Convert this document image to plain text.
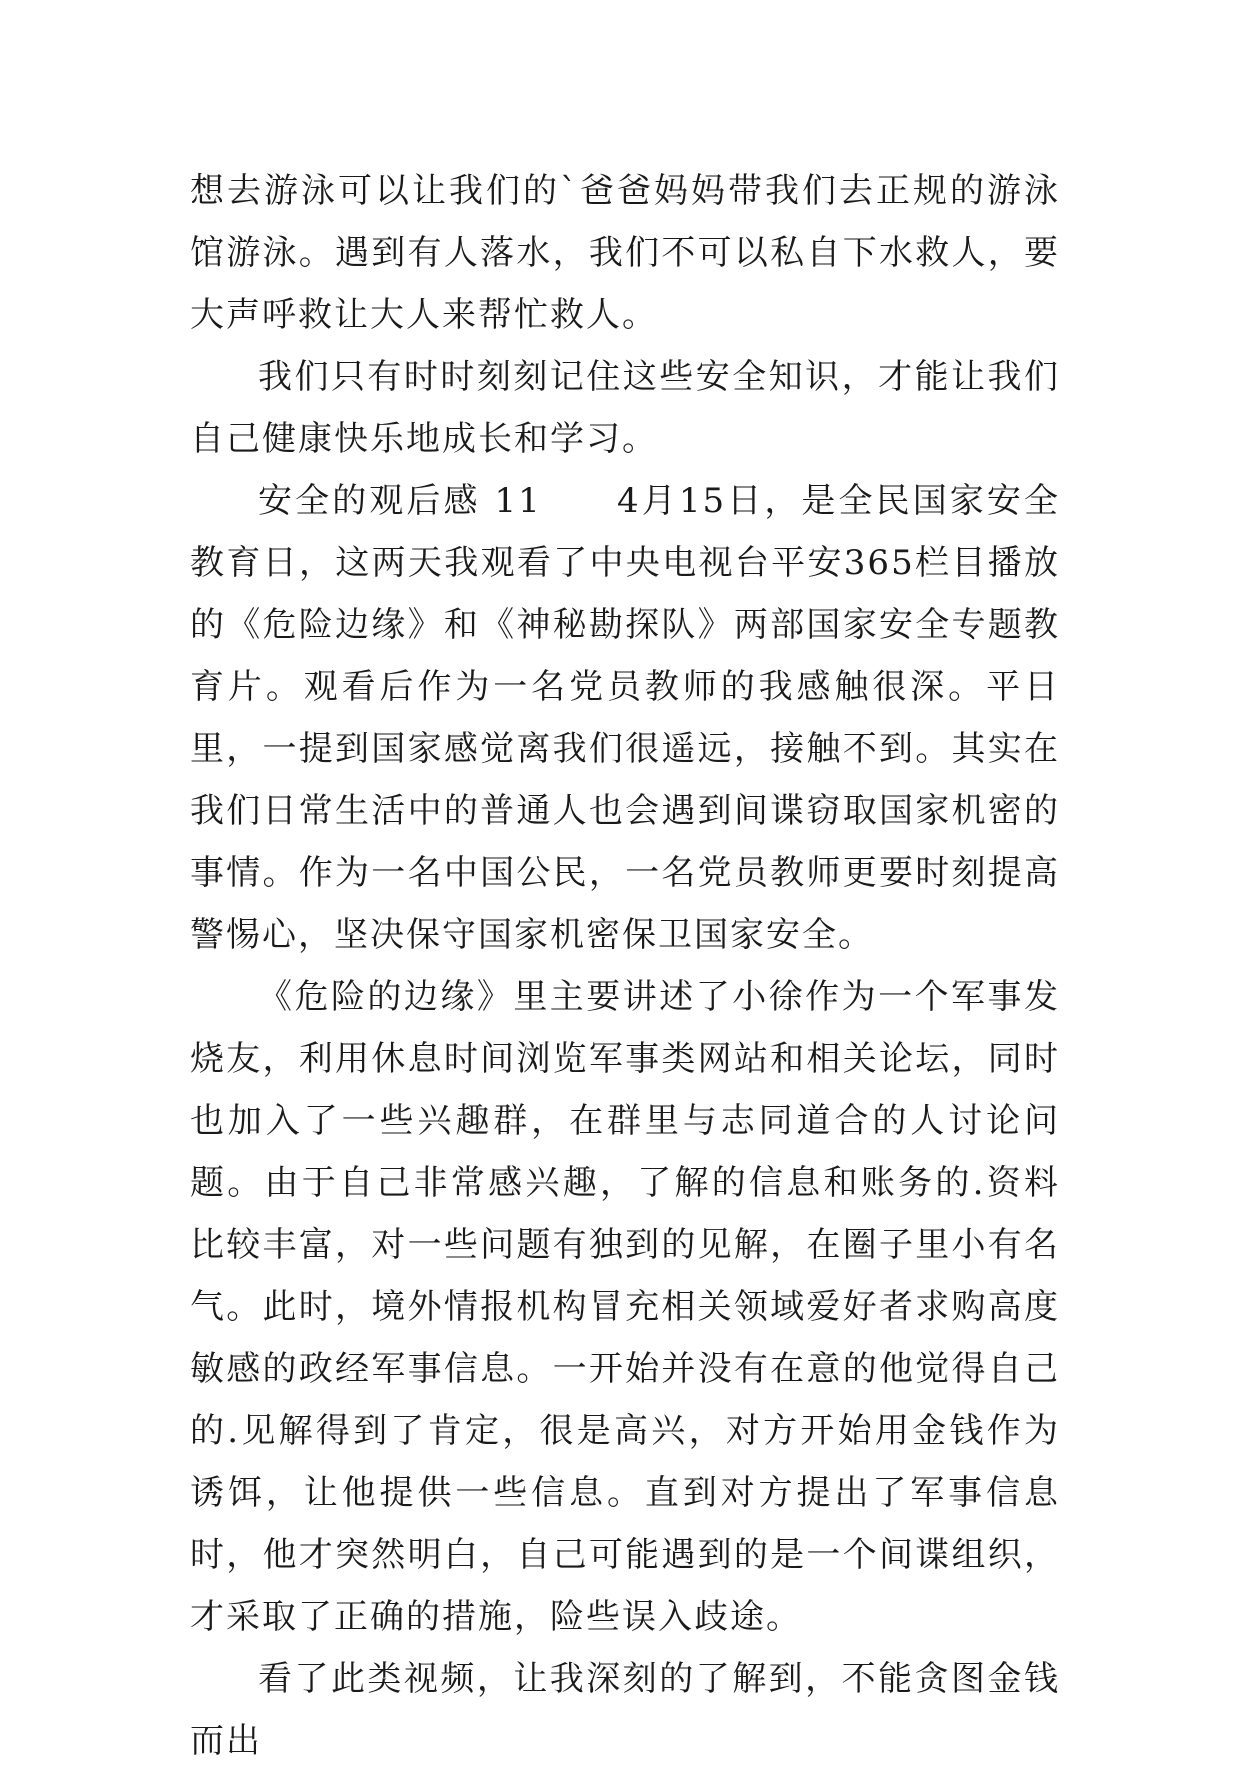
想去游泳可以让我们的`爸爸妈妈带我们去正规的游泳馆游泳。遇到有人落水，我们不可以私自下水救人，要大声呼救让大人来帮忙救人。

我们只有时时刻刻记住这些安全知识，才能让我们自己健康快乐地成长和学习。

安全的观后感 11　　4月15日，是全民国家安全教育日，这两天我观看了中央电视台平安365栏目播放的《危险边缘》和《神秘勘探队》两部国家安全专题教育片。观看后作为一名党员教师的我感触很深。平日里，一提到国家感觉离我们很遥远，接触不到。其实在我们日常生活中的普通人也会遇到间谍窃取国家机密的事情。作为一名中国公民，一名党员教师更要时刻提高警惕心，坚决保守国家机密保卫国家安全。

《危险的边缘》里主要讲述了小徐作为一个军事发烧友，利用休息时间浏览军事类网站和相关论坛，同时也加入了一些兴趣群，在群里与志同道合的人讨论问题。由于自己非常感兴趣，了解的信息和账务的.资料比较丰富，对一些问题有独到的见解，在圈子里小有名气。此时，境外情报机构冒充相关领域爱好者求购高度敏感的政经军事信息。一开始并没有在意的他觉得自己的.见解得到了肯定，很是高兴，对方开始用金钱作为诱饵，让他提供一些信息。直到对方提出了军事信息时，他才突然明白，自己可能遇到的是一个间谍组织，才采取了正确的措施，险些误入歧途。

看了此类视频，让我深刻的了解到，不能贪图金钱而出
